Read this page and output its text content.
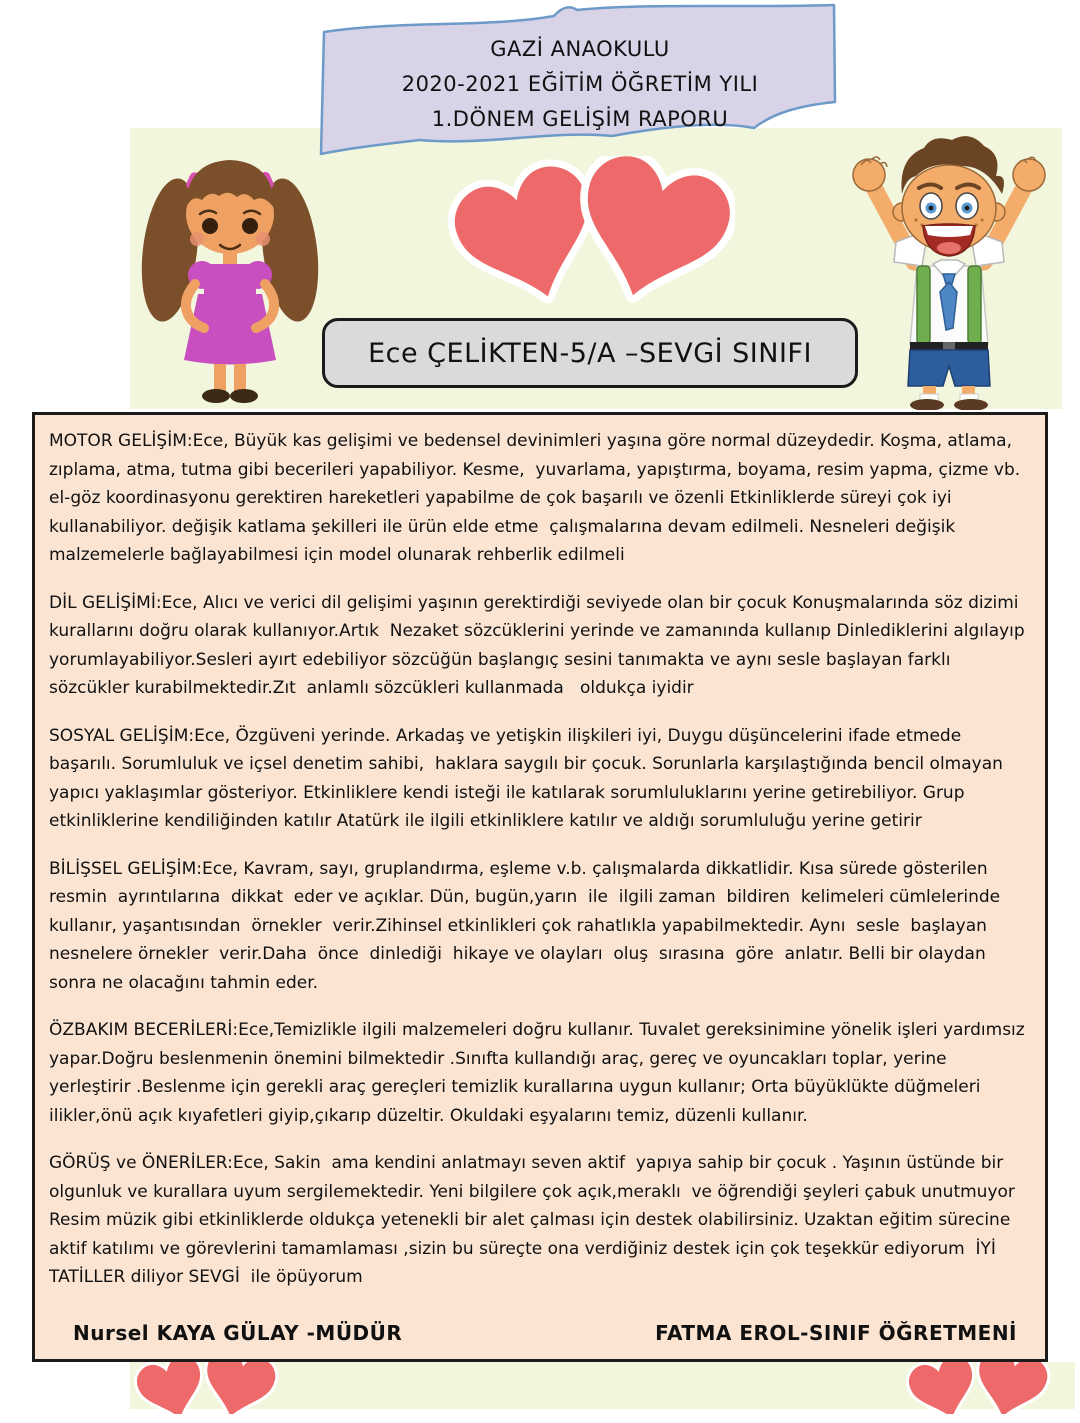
GAZİ ANAOKULU
2020-2021 EĞİTİM ÖĞRETİM YILI
1.DÖNEM GELİŞİM RAPORU
Ece ÇELİKTEN-5/A –SEVGİ SINIFI

MOTOR GELİŞİM:Ece, Büyük kas gelişimi ve bedensel devinimleri yaşına göre normal düzeydedir. Koşma, atlama, zıplama, atma, tutma gibi becerileri yapabiliyor. Kesme,  yuvarlama, yapıştırma, boyama, resim yapma, çizme vb. el-göz koordinasyonu gerektiren hareketleri yapabilme de çok başarılı ve özenli Etkinliklerde süreyi çok iyi kullanabiliyor. değişik katlama şekilleri ile ürün elde etme  çalışmalarına devam edilmeli. Nesneleri değişik malzemelerle bağlayabilmesi için model olunarak rehberlik edilmeli

DİL GELİŞİMİ:Ece, Alıcı ve verici dil gelişimi yaşının gerektirdiği seviyede olan bir çocuk Konuşmalarında söz dizimi kurallarını doğru olarak kullanıyor.Artık  Nezaket sözcüklerini yerinde ve zamanında kullanıp Dinlediklerini algılayıp yorumlayabiliyor.Sesleri ayırt edebiliyor sözcüğün başlangıç sesini tanımakta ve aynı sesle başlayan farklı sözcükler kurabilmektedir.Zıt  anlamlı sözcükleri kullanmada   oldukça iyidir

SOSYAL GELİŞİM:Ece, Özgüveni yerinde. Arkadaş ve yetişkin ilişkileri iyi, Duygu düşüncelerini ifade etmede başarılı. Sorumluluk ve içsel denetim sahibi,  haklara saygılı bir çocuk. Sorunlarla karşılaştığında bencil olmayan yapıcı yaklaşımlar gösteriyor. Etkinliklere kendi isteği ile katılarak sorumluluklarını yerine getirebiliyor. Grup etkinliklerine kendiliğinden katılır Atatürk ile ilgili etkinliklere katılır ve aldığı sorumluluğu yerine getirir

BİLİŞSEL GELİŞİM:Ece, Kavram, sayı, gruplandırma, eşleme v.b. çalışmalarda dikkatlidir. Kısa sürede gösterilen resmin  ayrıntılarına  dikkat  eder ve açıklar. Dün, bugün,yarın  ile  ilgili zaman  bildiren  kelimeleri cümlelerinde kullanır, yaşantısından  örnekler  verir.Zihinsel etkinlikleri çok rahatlıkla yapabilmektedir. Aynı  sesle  başlayan nesnelere örnekler  verir.Daha  önce  dinlediği  hikaye ve olayları  oluş  sırasına  göre  anlatır. Belli bir olaydan sonra ne olacağını tahmin eder.

ÖZBAKIM BECERİLERİ:Ece,Temizlikle ilgili malzemeleri doğru kullanır. Tuvalet gereksinimine yönelik işleri yardımsız yapar.Doğru beslenmenin önemini bilmektedir .Sınıfta kullandığı araç, gereç ve oyuncakları toplar, yerine yerleştirir .Beslenme için gerekli araç gereçleri temizlik kurallarına uygun kullanır; Orta büyüklükte düğmeleri ilikler,önü açık kıyafetleri giyip,çıkarıp düzeltir. Okuldaki eşyalarını temiz, düzenli kullanır.

GÖRÜŞ ve ÖNERİLER:Ece, Sakin  ama kendini anlatmayı seven aktif  yapıya sahip bir çocuk . Yaşının üstünde bir olgunluk ve kurallara uyum sergilemektedir. Yeni bilgilere çok açık,meraklı  ve öğrendiği şeyleri çabuk unutmuyor Resim müzik gibi etkinliklerde oldukça yetenekli bir alet çalması için destek olabilirsiniz. Uzaktan eğitim sürecine aktif katılımı ve görevlerini tamamlaması ,sizin bu süreçte ona verdiğiniz destek için çok teşekkür ediyorum  İYİ TATİLLER diliyor SEVGİ  ile öpüyorum

Nursel KAYA GÜLAY -MÜDÜR	FATMA EROL-SINIF ÖĞRETMENİ
